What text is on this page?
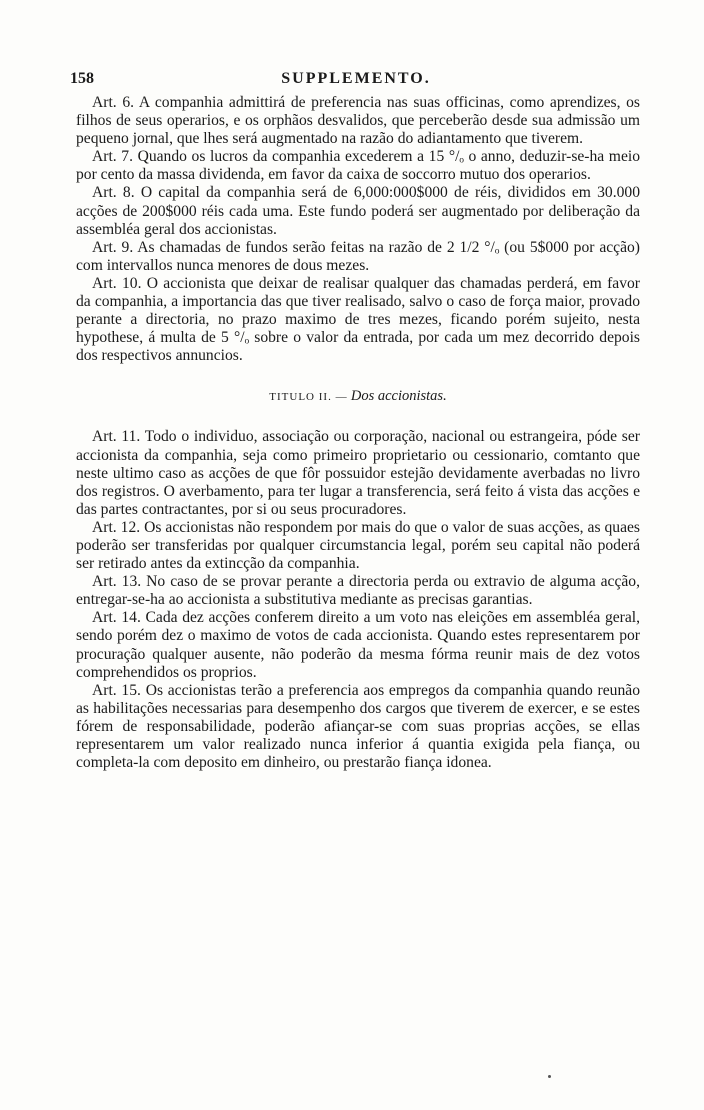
158	SUPPLEMENTO.

Art. 6. A companhia admittirá de preferencia nas suas officinas, como aprendizes, os filhos de seus operarios, e os orphãos desvalidos, que perceberão desde sua admissão um pequeno jornal, que lhes será augmentado na razão do adiantamento que tiverem.

Art. 7. Quando os lucros da companhia excederem a 15 °/ₒ o anno, deduzir-se-ha meio por cento da massa dividenda, em favor da caixa de soccorro mutuo dos operarios.

Art. 8. O capital da companhia será de 6,000:000$000 de réis, divididos em 30.000 acções de 200$000 réis cada uma. Este fundo poderá ser augmentado por deliberação da assembléa geral dos accionistas.

Art. 9. As chamadas de fundos serão feitas na razão de 2 1/2 °/ₒ (ou 5$000 por acção) com intervallos nunca menores de dous mezes.

Art. 10. O accionista que deixar de realisar qualquer das chamadas perderá, em favor da companhia, a importancia das que tiver realisado, salvo o caso de força maior, provado perante a directoria, no prazo maximo de tres mezes, ficando porém sujeito, nesta hypothese, á multa de 5 °/ₒ sobre o valor da entrada, por cada um mez decorrido depois dos respectivos annuncios.

TITULO II. — Dos accionistas.

Art. 11. Todo o individuo, associação ou corporação, nacional ou estrangeira, póde ser accionista da companhia, seja como primeiro proprietario ou cessionario, comtanto que neste ultimo caso as acções de que fôr possuidor estejão devidamente averbadas no livro dos registros. O averbamento, para ter lugar a transferencia, será feito á vista das acções e das partes contractantes, por si ou seus procuradores.

Art. 12. Os accionistas não respondem por mais do que o valor de suas acções, as quaes poderão ser transferidas por qualquer circumstancia legal, porém seu capital não poderá ser retirado antes da extincção da companhia.

Art. 13. No caso de se provar perante a directoria perda ou extravio de alguma acção, entregar-se-ha ao accionista a substitutiva mediante as precisas garantias.

Art. 14. Cada dez acções conferem direito a um voto nas eleições em assembléa geral, sendo porém dez o maximo de votos de cada accionista. Quando estes representarem por procuração qualquer ausente, não poderão da mesma fórma reunir mais de dez votos comprehendidos os proprios.

Art. 15. Os accionistas terão a preferencia aos empregos da companhia quando reunão as habilitações necessarias para desempenho dos cargos que tiverem de exercer, e se estes fórem de responsabilidade, poderão afiançar-se com suas proprias acções, se ellas representarem um valor realizado nunca inferior á quantia exigida pela fiança, ou completa-la com deposito em dinheiro, ou prestarão fiança idonea.
